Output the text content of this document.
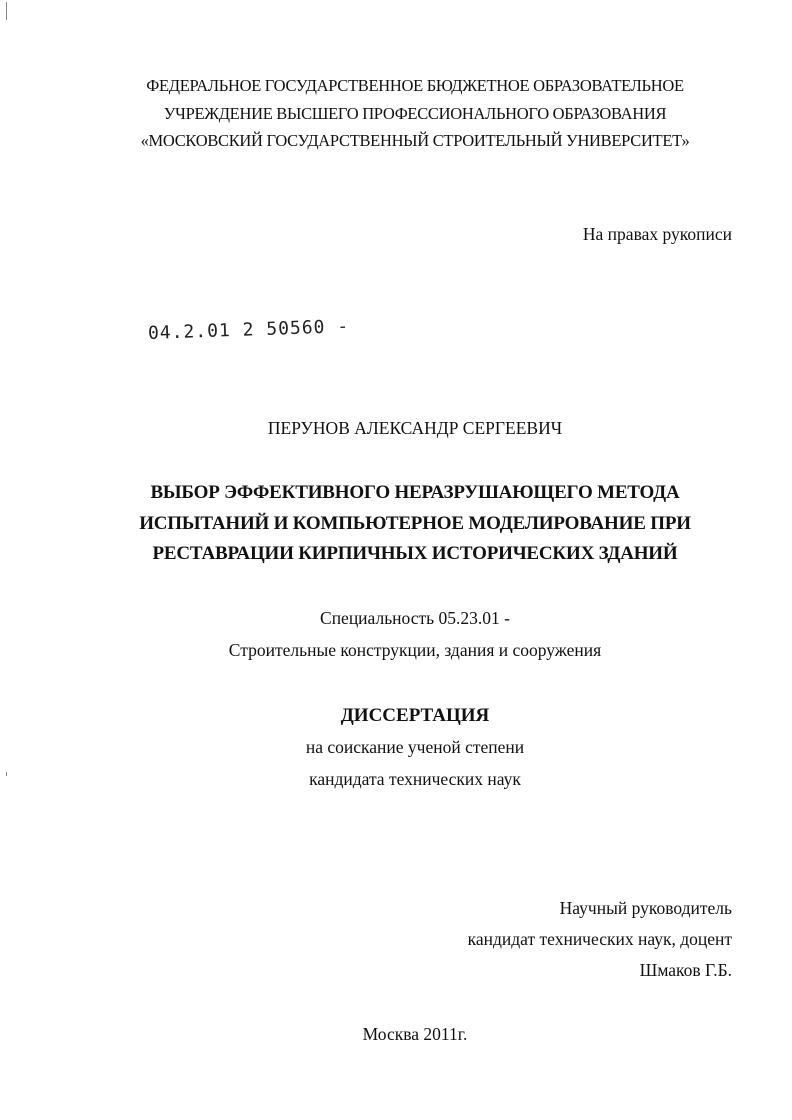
ФЕДЕРАЛЬНОЕ ГОСУДАРСТВЕННОЕ БЮДЖЕТНОЕ ОБРАЗОВАТЕЛЬНОЕ
УЧРЕЖДЕНИЕ ВЫСШЕГО ПРОФЕССИОНАЛЬНОГО ОБРАЗОВАНИЯ
«МОСКОВСКИЙ ГОСУДАРСТВЕННЫЙ СТРОИТЕЛЬНЫЙ УНИВЕРСИТЕТ»
На правах рукописи
04.2.01 2 50560 -
ПЕРУНОВ АЛЕКСАНДР СЕРГЕЕВИЧ
ВЫБОР ЭФФЕКТИВНОГО НЕРАЗРУШАЮЩЕГО МЕТОДА
ИСПЫТАНИЙ И КОМПЬЮТЕРНОЕ МОДЕЛИРОВАНИЕ ПРИ
РЕСТАВРАЦИИ КИРПИЧНЫХ ИСТОРИЧЕСКИХ ЗДАНИЙ
Специальность 05.23.01 -
Строительные конструкции, здания и сооружения
ДИССЕРТАЦИЯ
на соискание ученой степени
кандидата технических наук
Научный руководитель
кандидат технических наук, доцент
Шмаков Г.Б.
Москва 2011г.
